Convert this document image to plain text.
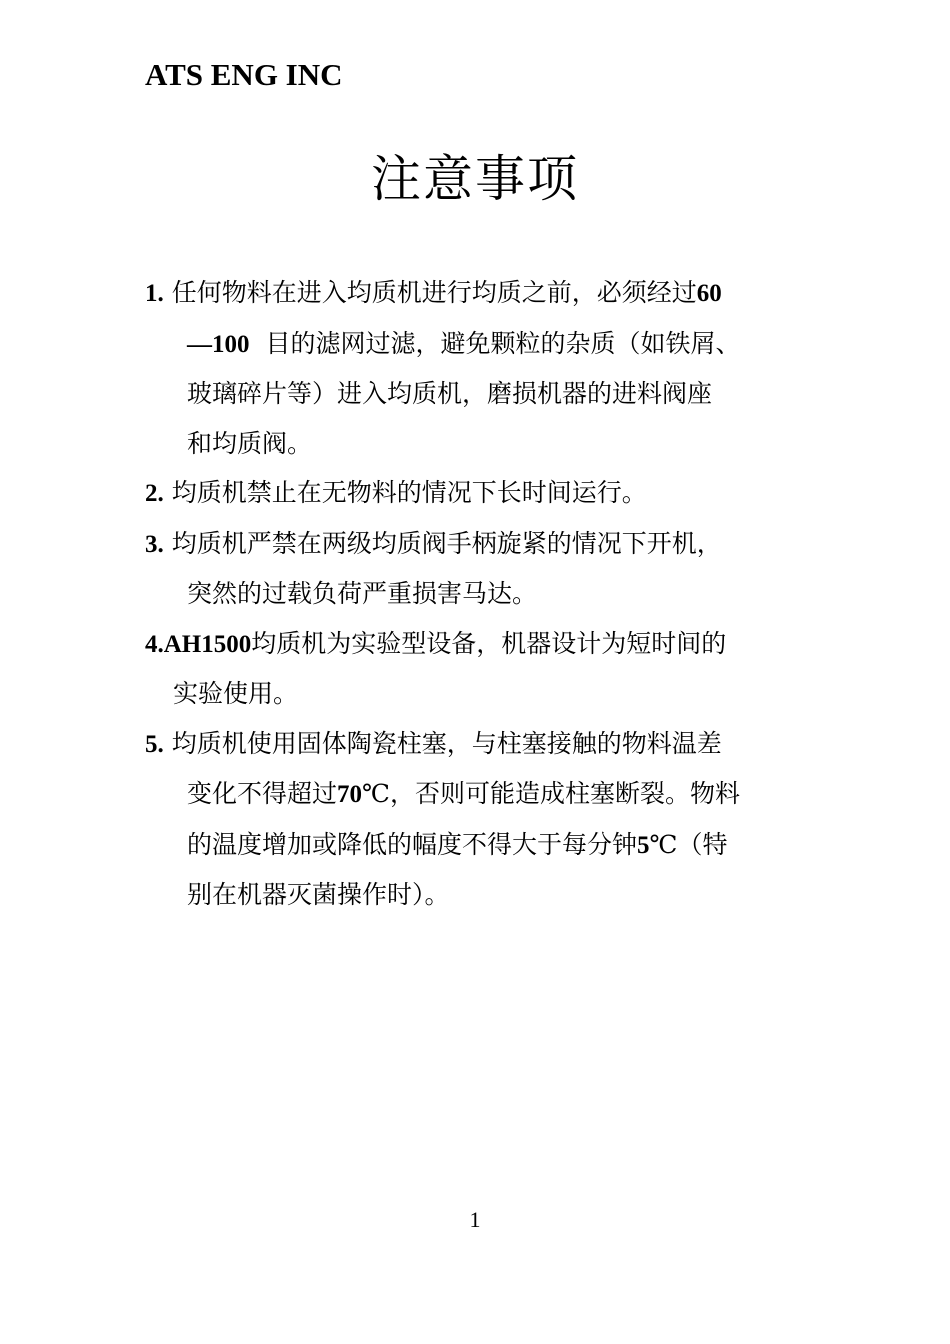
ATS ENG INC
注意事项
1. 任何物料在进入均质机进行均质之前，必须经过60
—100 目的滤网过滤，避免颗粒的杂质（如铁屑、
玻璃碎片等）进入均质机，磨损机器的进料阀座
和均质阀。
2. 均质机禁止在无物料的情况下长时间运行。
3. 均质机严禁在两级均质阀手柄旋紧的情况下开机，
突然的过载负荷严重损害马达。
4.AH1500均质机为实验型设备，机器设计为短时间的
实验使用。
5. 均质机使用固体陶瓷柱塞，与柱塞接触的物料温差
变化不得超过70℃，否则可能造成柱塞断裂。物料
的温度增加或降低的幅度不得大于每分钟5℃（特
别在机器灭菌操作时）。
1
